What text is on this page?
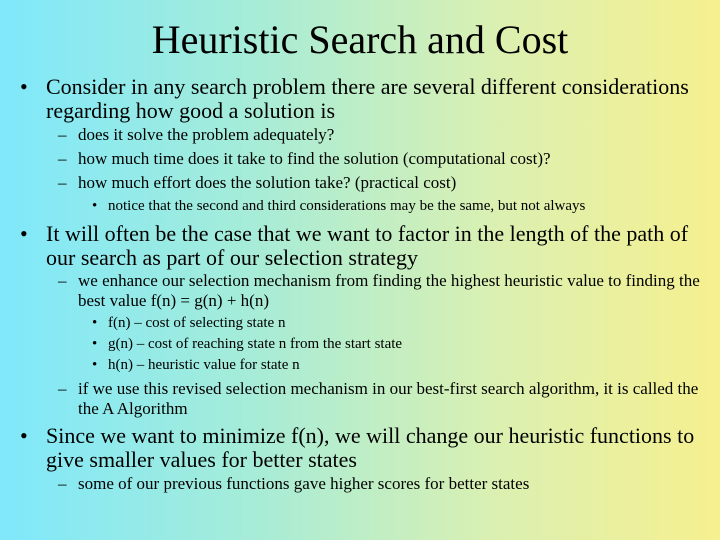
Heuristic Search and Cost
• Consider in any search problem there are several different considerations regarding how good a solution is
– does it solve the problem adequately?
– how much time does it take to find the solution (computational cost)?
– how much effort does the solution take? (practical cost)
• notice that the second and third considerations may be the same, but not always
• It will often be the case that we want to factor in the length of the path of our search as part of our selection strategy
– we enhance our selection mechanism from finding the highest heuristic value to finding the best value f(n) = g(n) + h(n)
• f(n) – cost of selecting state n
• g(n) – cost of reaching state n from the start state
• h(n) – heuristic value for state n
– if we use this revised selection mechanism in our best-first search algorithm, it is called the the A Algorithm
• Since we want to minimize f(n), we will change our heuristic functions to give smaller values for better states
– some of our previous functions gave higher scores for better states
